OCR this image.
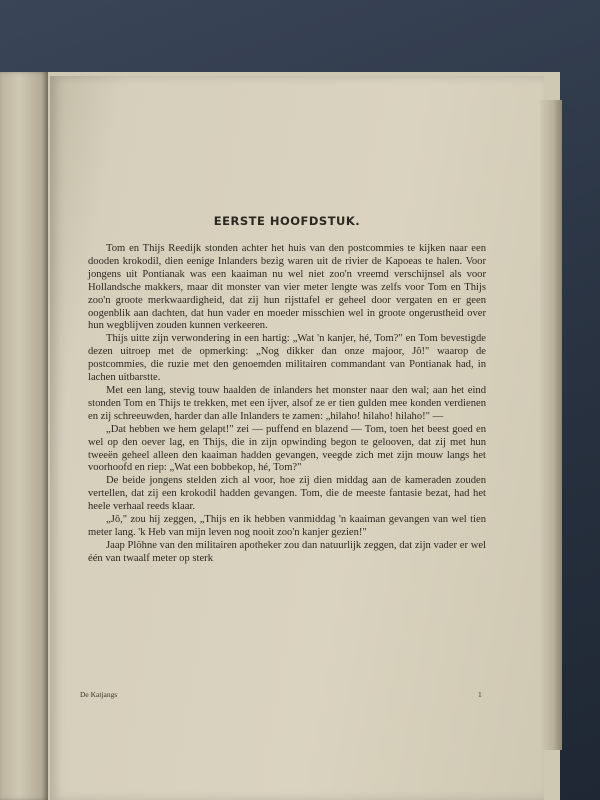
EERSTE HOOFDSTUK.

Tom en Thijs Reedijk stonden achter het huis van den postcommies te kijken naar een dooden krokodil, dien eenige Inlanders bezig waren uit de rivier de Kapoeas te halen. Voor jongens uit Pontianak was een kaaiman nu wel niet zoo'n vreemd verschijnsel als voor Hollandsche makkers, maar dit monster van vier meter lengte was zelfs voor Tom en Thijs zoo'n groote merkwaardigheid, dat zij hun rijsttafel er geheel door vergaten en er geen oogenblik aan dachten, dat hun vader en moeder misschien wel in groote ongerustheid over hun wegblijven zouden kunnen verkeeren.

Thijs uitte zijn verwondering in een hartig: „Wat 'n kanjer, hé, Tom?" en Tom bevestigde dezen uitroep met de opmerking: „Nog dikker dan onze majoor, Jô!" waarop de postcommies, die ruzie met den genoemden militairen commandant van Pontianak had, in lachen uitbarstte.

Met een lang, stevig touw haalden de inlanders het monster naar den wal; aan het eind stonden Tom en Thijs te trekken, met een ijver, alsof ze er tien gulden mee konden verdienen en zij schreeuwden, harder dan alle Inlanders te zamen: „hilaho! hilaho! hilaho!" —

„Dat hebben we hem gelapt!" zei — puffend en blazend — Tom, toen het beest goed en wel op den oever lag, en Thijs, die in zijn opwinding begon te gelooven, dat zij met hun tweeën geheel alleen den kaaiman hadden gevangen, veegde zich met zijn mouw langs het voorhoofd en riep: „Wat een bobbekop, hé, Tom?"

De beide jongens stelden zich al voor, hoe zij dien middag aan de kameraden zouden vertellen, dat zij een krokodil hadden gevangen. Tom, die de meeste fantasie bezat, had het heele verhaal reeds klaar.

„Jô," zou hij zeggen, „Thijs en ik hebben vanmiddag 'n kaaiman gevangen van wel tien meter lang. 'k Heb van mijn leven nog nooit zoo'n kanjer gezien!"

Jaap Plöhne van den militairen apotheker zou dan natuurlijk zeggen, dat zijn vader er wel één van twaalf meter op sterk

De Katjangs	1
